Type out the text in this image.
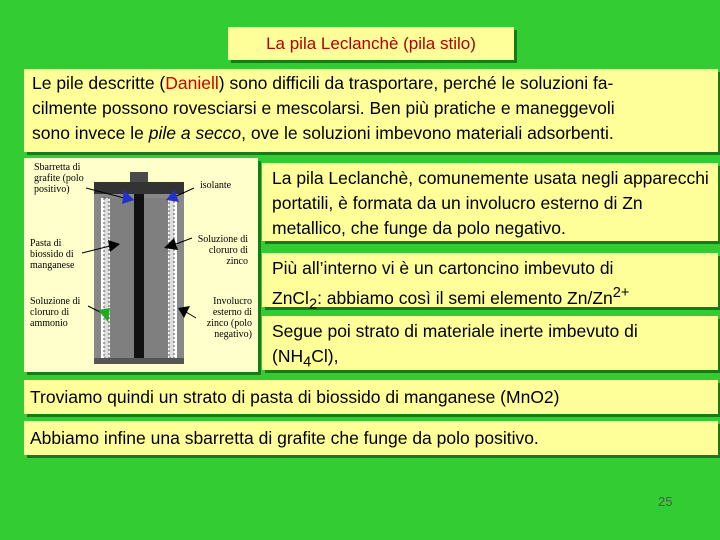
La pila Leclanchè (pila stilo)
Le pile descritte (Daniell) sono difficili da trasportare, perché le soluzioni fa-
cilmente possono rovesciarsi e mescolarsi. Ben più pratiche e maneggevoli
sono invece le pile a secco, ove le soluzioni imbevono materiali adsorbenti.
Sbarretta di grafite (polo positivo)	isolante
Pasta di biossido di manganese
Soluzione di cloruro di zinco
Soluzione di cloruro di ammonio
Involucro esterno di zinco (polo negativo)
La pila Leclanchè, comunemente usata negli apparecchi portatili, è formata da un involucro esterno di Zn metallico, che funge da polo negativo.
Più all’interno vi è un cartoncino imbevuto di
ZnCl$_2$: abbiamo così il semi elemento $Zn/Zn^{2+}$
Segue poi strato di materiale inerte imbevuto di
$(NH_4Cl)$,
Troviamo quindi un strato di pasta di biossido di manganese (MnO2)
Abbiamo infine una sbarretta di grafite che funge da polo positivo.
25
